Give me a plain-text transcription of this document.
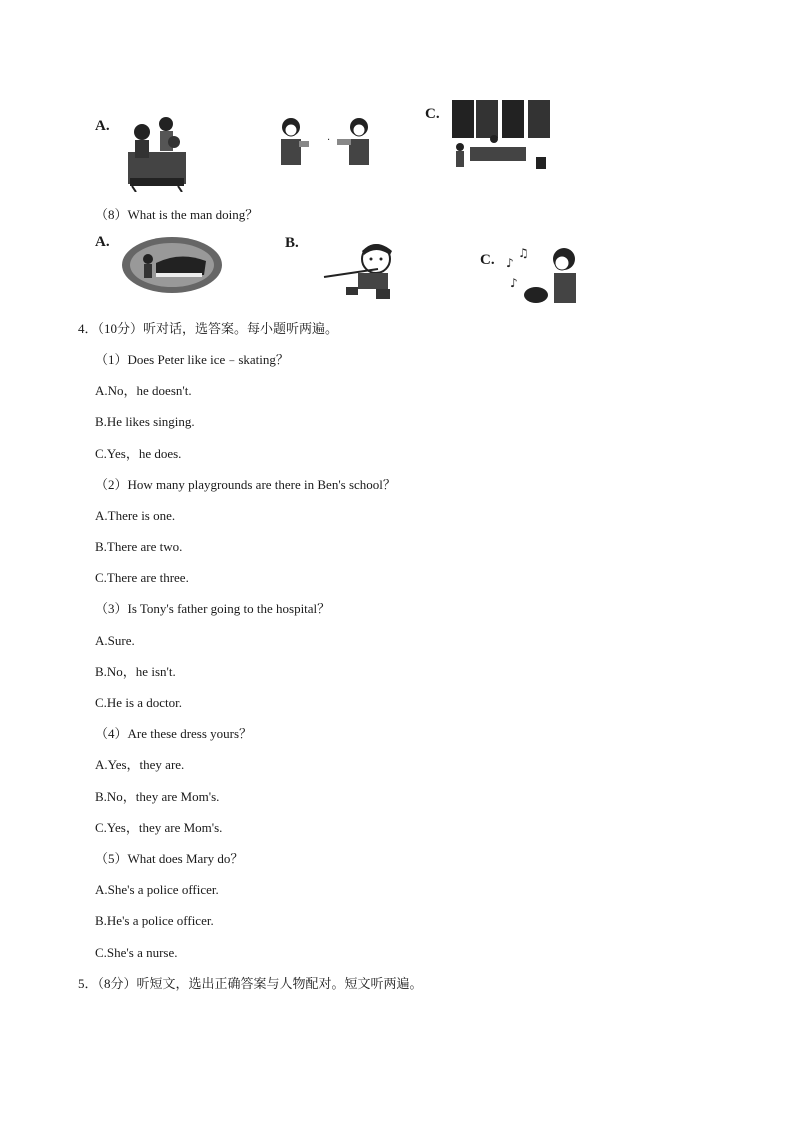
A.
·
C.
（8）What is the man doing？
A.	B.
C. ♪
♫
♪
4．（10分）听对话，选答案。每小题听两遍。
（1）Does Peter like ice﹣skating？
A.No，he doesn't.
B.He likes singing.
C.Yes，he does.
（2）How many playgrounds are there in Ben's school？
A.There is one.
B.There are two.
C.There are three.
（3）Is Tony's father going to the hospital？
A.Sure.
B.No，he isn't.
C.He is a doctor.
（4）Are these dress yours？
A.Yes，they are.
B.No，they are Mom's.
C.Yes，they are Mom's.
（5）What does Mary do？
A.She's a police officer.
B.He's a police officer.
C.She's a nurse.
5．（8分）听短文，选出正确答案与人物配对。短文听两遍。
